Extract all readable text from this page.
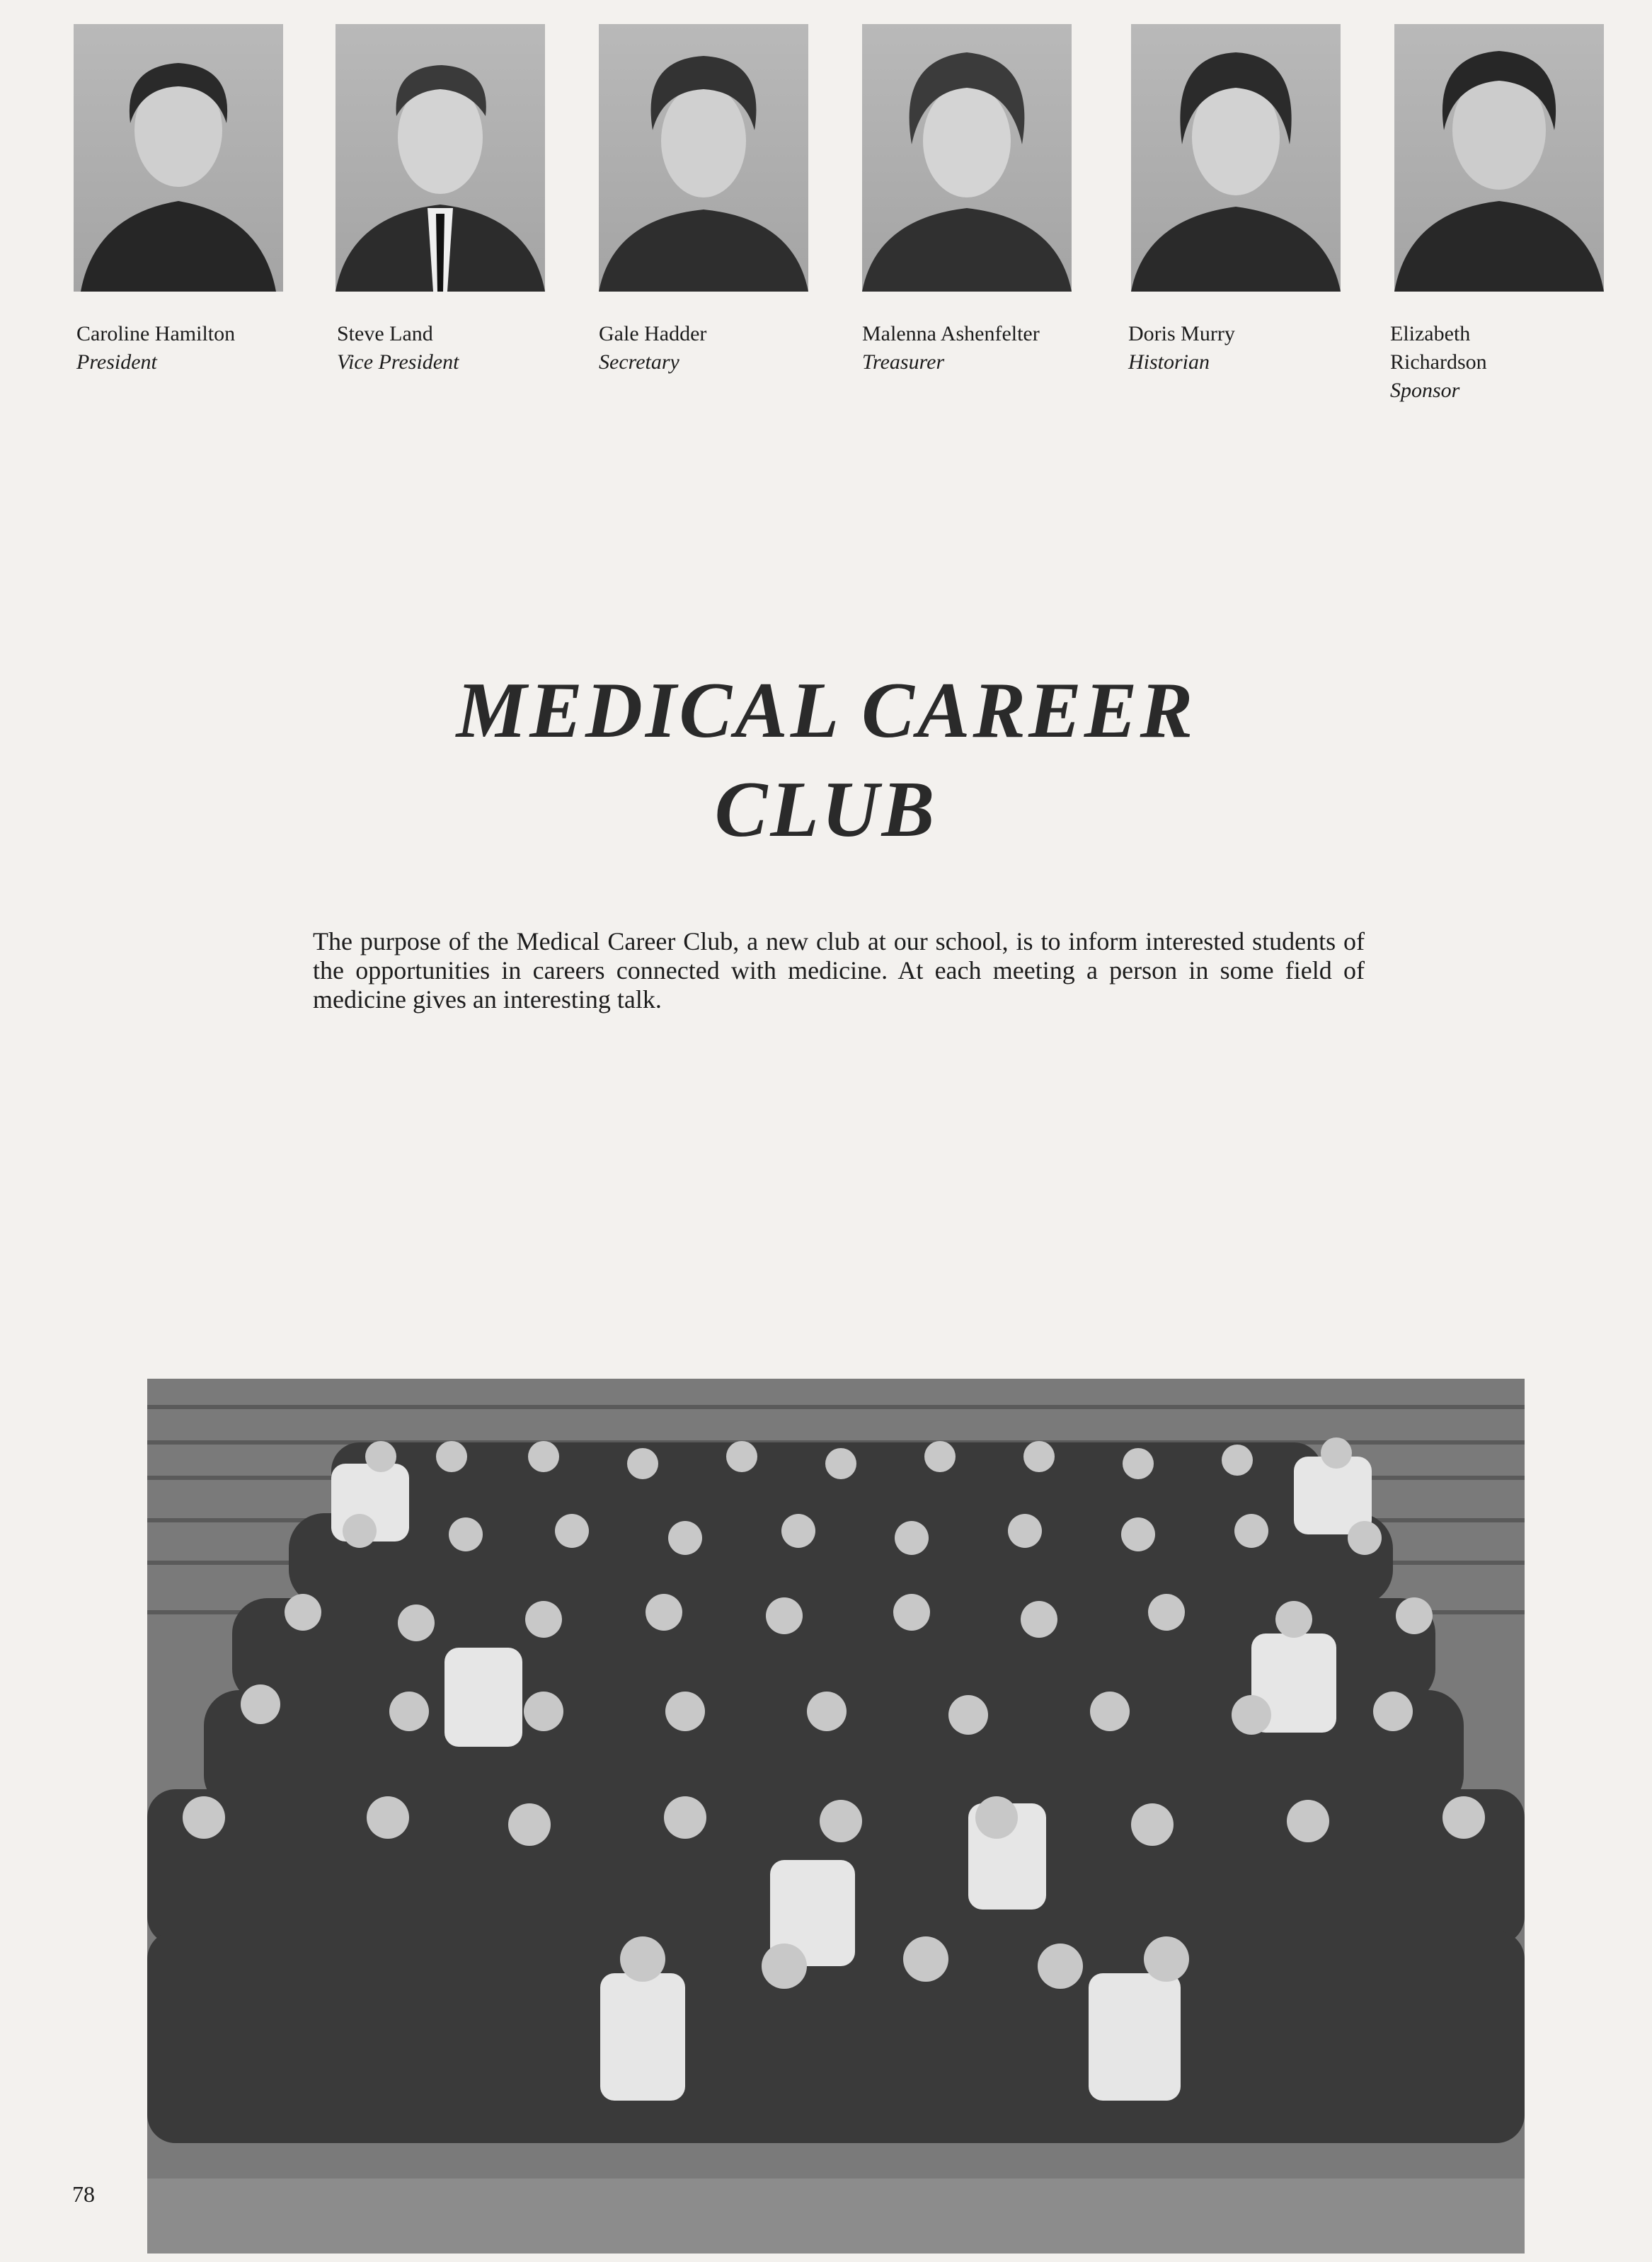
Caroline Hamilton
President
Steve Land
Vice President
Gale Hadder
Secretary
Malenna Ashenfelter
Treasurer
Doris Murry
Historian
Elizabeth Richardson
Sponsor
MEDICAL CAREER
CLUB
The purpose of the Medical Career Club, a new club at our school, is to inform interested students of the opportunities in careers connected with medicine. At each meeting a person in some field of medicine gives an interesting talk.
78
